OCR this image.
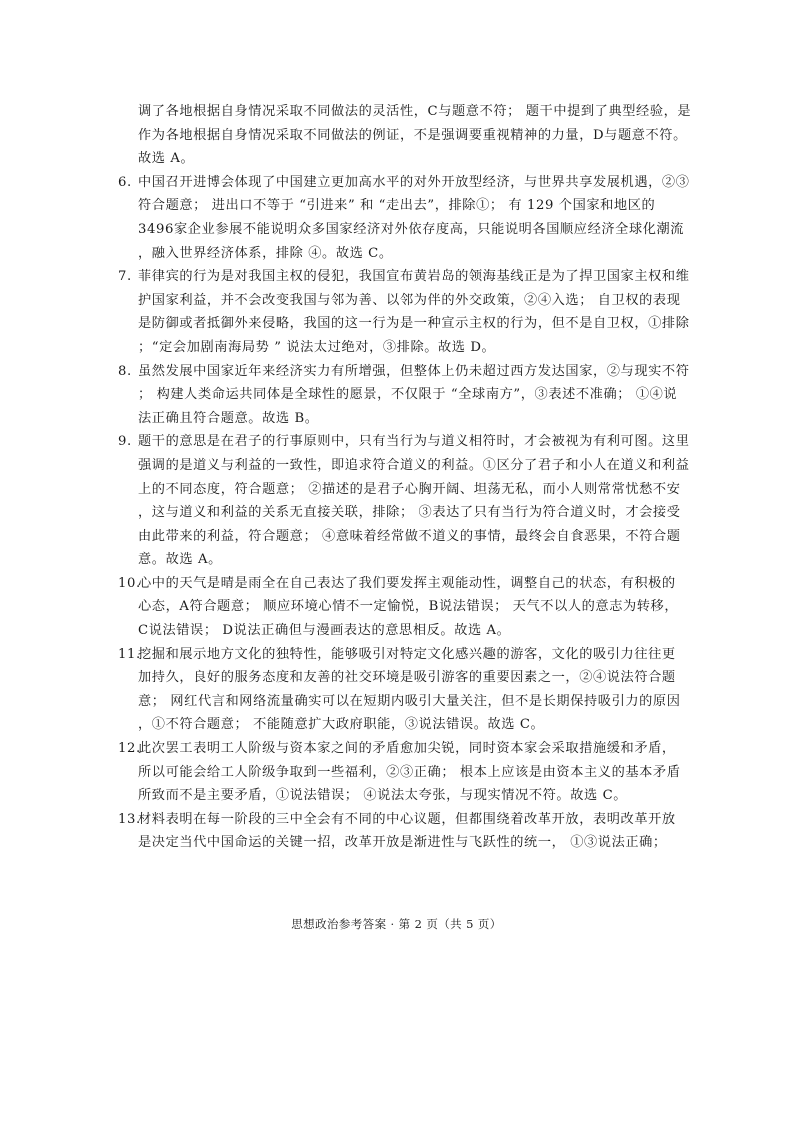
调了各地根据自身情况采取不同做法的灵活性，C与题意不符； 题干中提到了典型经验，是
作为各地根据自身情况采取不同做法的例证，不是强调要重视精神的力量，D与题意不符。
故选 A。
6. 中国召开进博会体现了中国建立更加高水平的对外开放型经济，与世界共享发展机遇，②③
符合题意； 进出口不等于 “引进来” 和 “走出去”，排除①； 有 129 个国家和地区的
3496家企业参展不能说明众多国家经济对外依存度高，只能说明各国顺应经济全球化潮流
，融入世界经济体系，排除 ④。故选 C。
7. 菲律宾的行为是对我国主权的侵犯，我国宣布黄岩岛的领海基线正是为了捍卫国家主权和维
护国家利益，并不会改变我国与邻为善、以邻为伴的外交政策，②④入选； 自卫权的表现
是防御或者抵御外来侵略，我国的这一行为是一种宣示主权的行为，但不是自卫权，①排除
；“定会加剧南海局势 ” 说法太过绝对，③排除。故选 D。
8. 虽然发展中国家近年来经济实力有所增强，但整体上仍未超过西方发达国家，②与现实不符
； 构建人类命运共同体是全球性的愿景，不仅限于 “全球南方”，③表述不准确； ①④说
法正确且符合题意。故选 B。
9. 题干的意思是在君子的行事原则中，只有当行为与道义相符时，才会被视为有利可图。这里
强调的是道义与利益的一致性，即追求符合道义的利益。①区分了君子和小人在道义和利益
上的不同态度，符合题意； ②描述的是君子心胸开阔、坦荡无私，而小人则常常忧愁不安
，这与道义和利益的关系无直接关联，排除； ③表达了只有当行为符合道义时，才会接受
由此带来的利益，符合题意； ④意味着经常做不道义的事情，最终会自食恶果，不符合题
意。故选 A。
10.
心中的天气是晴是雨全在自己表达了我们要发挥主观能动性，调整自己的状态，有积极的
心态，A符合题意； 顺应环境心情不一定愉悦，B说法错误； 天气不以人的意志为转移，
C说法错误； D说法正确但与漫画表达的意思相反。故选 A。
11.
挖掘和展示地方文化的独特性，能够吸引对特定文化感兴趣的游客，文化的吸引力往往更
加持久，良好的服务态度和友善的社交环境是吸引游客的重要因素之一，②④说法符合题
意； 网红代言和网络流量确实可以在短期内吸引大量关注，但不是长期保持吸引力的原因
，①不符合题意； 不能随意扩大政府职能，③说法错误。故选 C。
12.
此次罢工表明工人阶级与资本家之间的矛盾愈加尖锐，同时资本家会采取措施缓和矛盾，
所以可能会给工人阶级争取到一些福利，②③正确； 根本上应该是由资本主义的基本矛盾
所致而不是主要矛盾，①说法错误； ④说法太夸张，与现实情况不符。故选 C。
13.
材料表明在每一阶段的三中全会有不同的中心议题，但都围绕着改革开放，表明改革开放
是决定当代中国命运的关键一招，改革开放是渐进性与飞跃性的统一， ①③说法正确；
思想政治参考答案 · 第 2 页（共 5 页）
